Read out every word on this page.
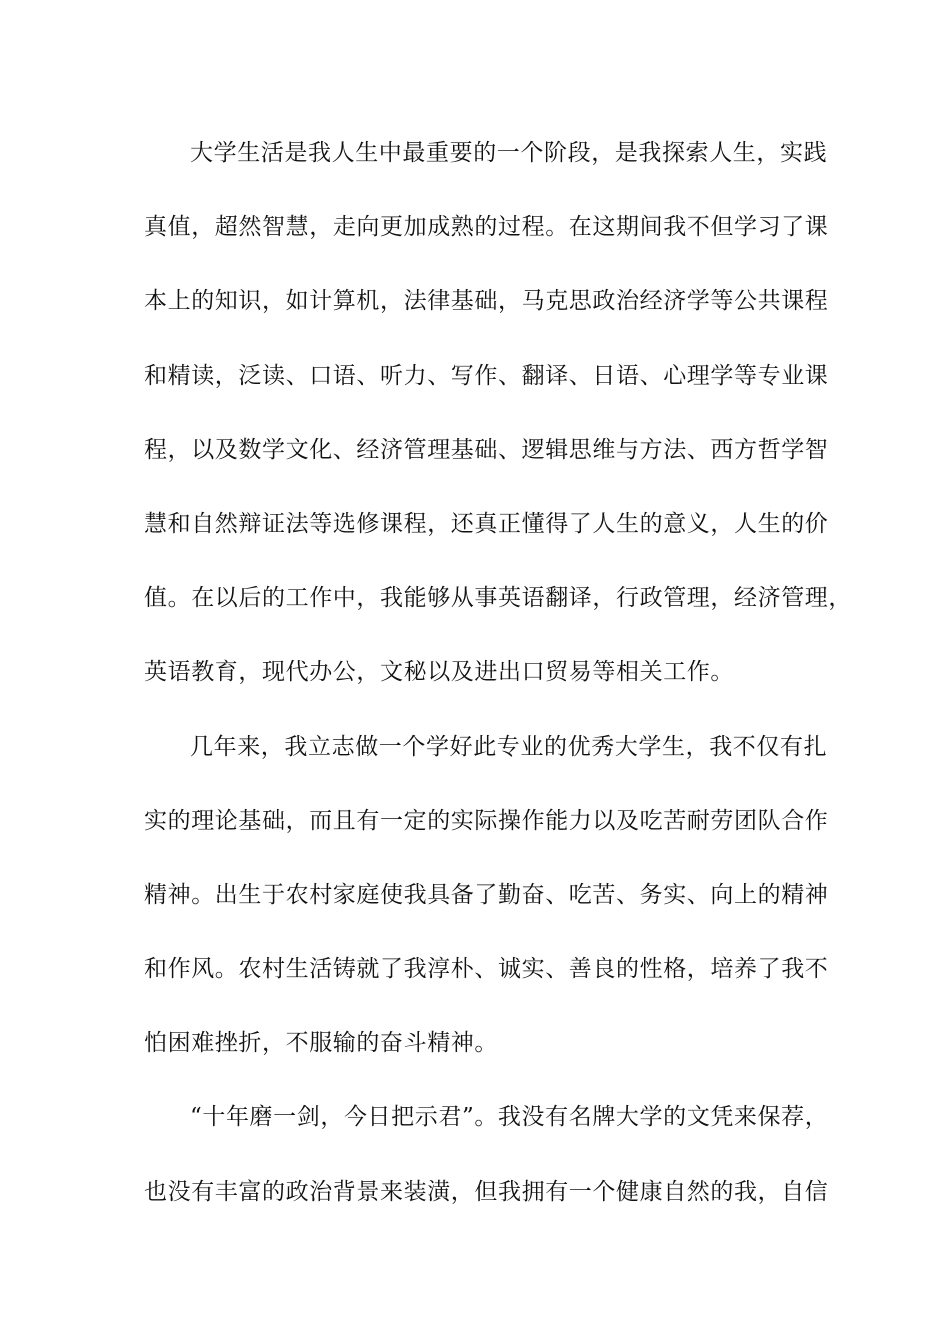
大学生活是我人生中最重要的一个阶段，是我探索人生，实践
真值，超然智慧，走向更加成熟的过程。在这期间我不但学习了课
本上的知识，如计算机，法律基础，马克思政治经济学等公共课程
和精读，泛读、口语、听力、写作、翻译、日语、心理学等专业课
程，以及数学文化、经济管理基础、逻辑思维与方法、西方哲学智
慧和自然辩证法等选修课程，还真正懂得了人生的意义，人生的价
值。在以后的工作中，我能够从事英语翻译，行政管理，经济管理，
英语教育，现代办公，文秘以及进出口贸易等相关工作。
几年来，我立志做一个学好此专业的优秀大学生，我不仅有扎
实的理论基础，而且有一定的实际操作能力以及吃苦耐劳团队合作
精神。出生于农村家庭使我具备了勤奋、吃苦、务实、向上的精神
和作风。农村生活铸就了我淳朴、诚实、善良的性格，培养了我不
怕困难挫折，不服输的奋斗精神。
“十年磨一剑，今日把示君”。我没有名牌大学的文凭来保荐，
也没有丰富的政治背景来装潢，但我拥有一个健康自然的我，自信
